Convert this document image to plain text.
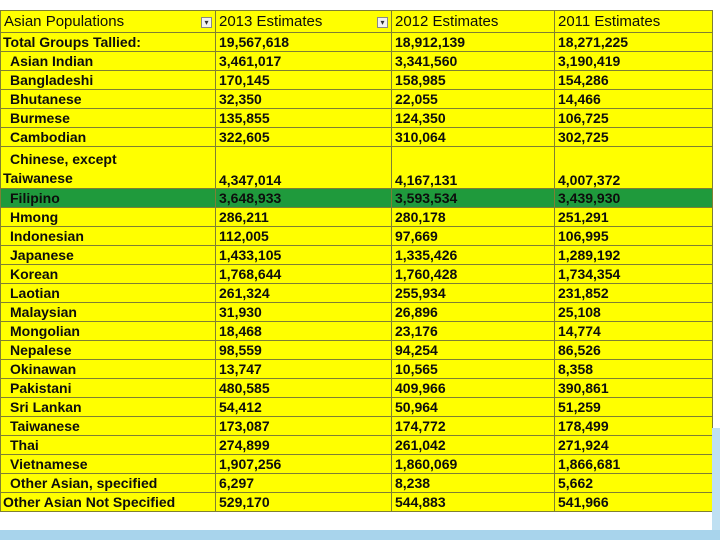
Asian Populations ▾	2013 Estimates ▾	2012 Estimates	2011 Estimates
Total Groups Tallied:	19,567,618	18,912,139	18,271,225
Asian Indian	3,461,017	3,341,560	3,190,419
Bangladeshi	170,145	158,985	154,286
Bhutanese	32,350	22,055	14,466
Burmese	135,855	124,350	106,725
Cambodian	322,605	310,064	302,725

Chinese, except
Taiwanese	4,347,014	4,167,131	4,007,372
Filipino	3,648,933	3,593,534	3,439,930
Hmong	286,211	280,178	251,291
Indonesian	112,005	97,669	106,995
Japanese	1,433,105	1,335,426	1,289,192
Korean	1,768,644	1,760,428	1,734,354
Laotian	261,324	255,934	231,852
Malaysian	31,930	26,896	25,108
Mongolian	18,468	23,176	14,774
Nepalese	98,559	94,254	86,526
Okinawan	13,747	10,565	8,358
Pakistani	480,585	409,966	390,861
Sri Lankan	54,412	50,964	51,259
Taiwanese	173,087	174,772	178,499
Thai	274,899	261,042	271,924
Vietnamese	1,907,256	1,860,069	1,866,681
Other Asian, specified	6,297	8,238	5,662
Other Asian Not Specified	529,170	544,883	541,966
